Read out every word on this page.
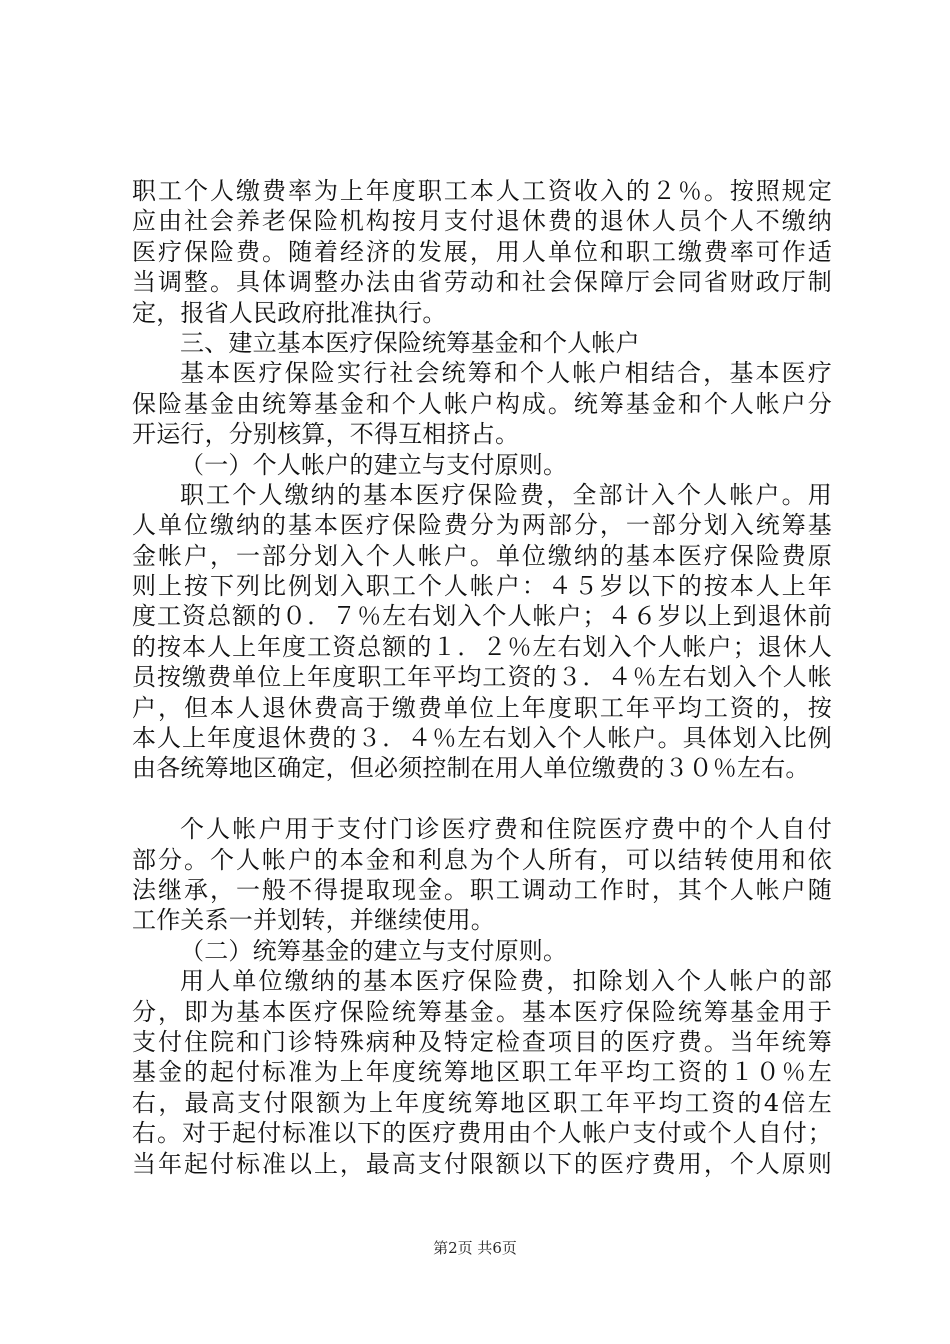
职工个人缴费率为上年度职工本人工资收入的２％。按照规定
应由社会养老保险机构按月支付退休费的退休人员个人不缴纳
医疗保险费。随着经济的发展，用人单位和职工缴费率可作适
当调整。具体调整办法由省劳动和社会保障厅会同省财政厅制
定，报省人民政府批准执行。
三、建立基本医疗保险统筹基金和个人帐户
基本医疗保险实行社会统筹和个人帐户相结合，基本医疗
保险基金由统筹基金和个人帐户构成。统筹基金和个人帐户分
开运行，分别核算，不得互相挤占。
（一）个人帐户的建立与支付原则。
职工个人缴纳的基本医疗保险费，全部计入个人帐户。用
人单位缴纳的基本医疗保险费分为两部分，一部分划入统筹基
金帐户，一部分划入个人帐户。单位缴纳的基本医疗保险费原
则上按下列比例划入职工个人帐户：４５岁以下的按本人上年
度工资总额的０．７％左右划入个人帐户；４６岁以上到退休前
的按本人上年度工资总额的１．２％左右划入个人帐户；退休人
员按缴费单位上年度职工年平均工资的３．４％左右划入个人帐
户，但本人退休费高于缴费单位上年度职工年平均工资的，按
本人上年度退休费的３．４％左右划入个人帐户。具体划入比例
由各统筹地区确定，但必须控制在用人单位缴费的３０％左右。
个人帐户用于支付门诊医疗费和住院医疗费中的个人自付
部分。个人帐户的本金和利息为个人所有，可以结转使用和依
法继承，一般不得提取现金。职工调动工作时，其个人帐户随
工作关系一并划转，并继续使用。
（二）统筹基金的建立与支付原则。
用人单位缴纳的基本医疗保险费，扣除划入个人帐户的部
分，即为基本医疗保险统筹基金。基本医疗保险统筹基金用于
支付住院和门诊特殊病种及特定检查项目的医疗费。当年统筹
基金的起付标准为上年度统筹地区职工年平均工资的１０％左
右，最高支付限额为上年度统筹地区职工年平均工资的4倍左
右。对于起付标准以下的医疗费用由个人帐户支付或个人自付；
当年起付标准以上，最高支付限额以下的医疗费用，个人原则
第2页 共6页
